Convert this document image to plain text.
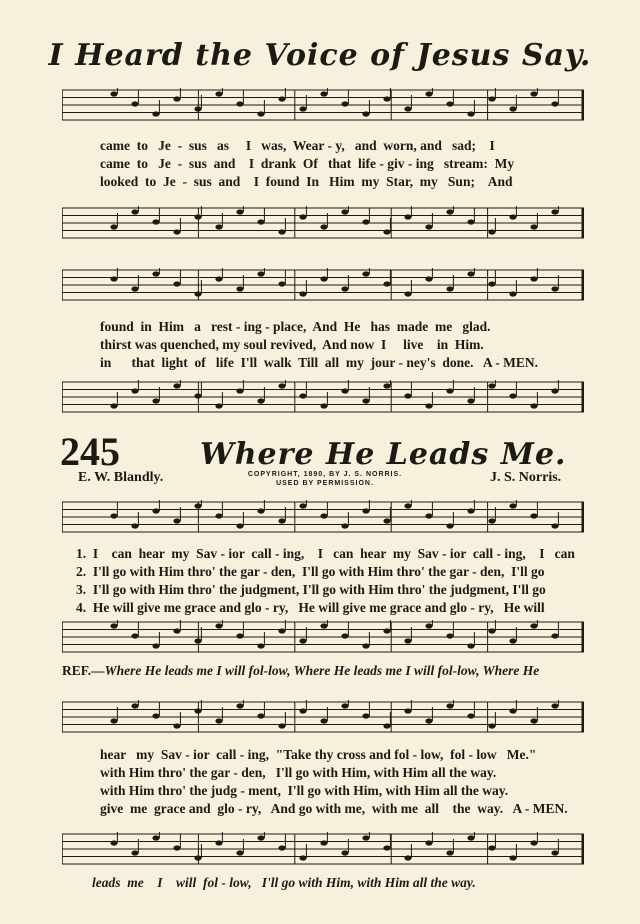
I Heard the Voice of Jesus Say.
came  to   Je  -  sus   as     I   was,  Wear - y,   and  worn, and   sad;    I
came  to   Je  -  sus  and    I  drank  Of   that  life - giv - ing   stream:  My
looked  to  Je  -  sus  and    I  found  In   Him  my  Star,  my   Sun;    And
found  in  Him   a   rest - ing - place,  And  He   has  made  me   glad.
thirst was quenched, my soul revived,  And now  I     live    in  Him.
in      that  light  of   life  I'll  walk  Till  all  my  jour - ney's  done.   A - MEN.
245	Where He Leads Me.
E. W. Blandly.	J. S. Norris.
COPYRIGHT, 1890, BY J. S. NORRIS.
USED BY PERMISSION.
1.  I    can  hear  my  Sav - ior  call - ing,    I   can  hear  my  Sav - ior  call - ing,    I   can
2.  I'll go with Him thro' the gar - den,  I'll go with Him thro' the gar - den,  I'll go
3.  I'll go with Him thro' the judgment, I'll go with Him thro' the judgment, I'll go
4.  He will give me grace and glo - ry,   He will give me grace and glo - ry,   He will
REF.—Where He leads me I will fol-low, Where He leads me I will fol-low, Where He
hear   my  Sav - ior  call - ing,  "Take thy cross and fol - low,  fol - low   Me."
with Him thro' the gar - den,   I'll go with Him, with Him all the way.
with Him thro' the judg - ment,  I'll go with Him, with Him all the way.
give  me  grace and  glo - ry,   And go with me,  with me  all    the  way.   A - MEN.
leads  me    I    will  fol - low,   I'll go with Him, with Him all the way.
